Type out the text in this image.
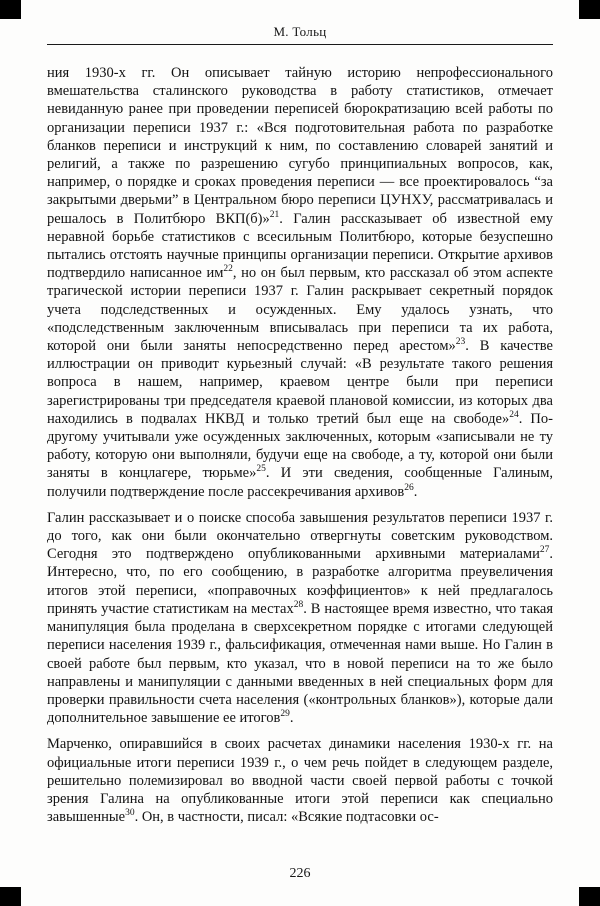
М. Тольц

ния 1930-х гг. Он описывает тайную историю непрофессионального вмешательства сталинского руководства в работу статистиков, отмечает невиданную ранее при проведении переписей бюрократизацию всей работы по организации переписи 1937 г.: «Вся подготовительная работа по разработке бланков переписи и инструкций к ним, по составлению словарей занятий и религий, а также по разрешению сугубо принципиальных вопросов, как, например, о порядке и сроках проведения переписи — все проектировалось “за закрытыми дверьми” в Центральном бюро переписи ЦУНХУ, рассматривалась и решалось в Политбюро ВКП(б)»$^{21}$. Галин рассказывает об известной ему неравной борьбе статистиков с всесильным Политбюро, которые безуспешно пытались отстоять научные принципы организации переписи. Открытие архивов подтвердило написанное им$^{22}$, но он был первым, кто рассказал об этом аспекте трагической истории переписи 1937 г. Галин раскрывает секретный порядок учета подследственных и осужденных. Ему удалось узнать, что «подследственным заключенным вписывалась при переписи та их работа, которой они были заняты непосредственно перед арестом»$^{23}$. В качестве иллюстрации он приводит курьезный случай: «В результате такого решения вопроса в нашем, например, краевом центре были при переписи зарегистрированы три председателя краевой плановой комиссии, из которых два находились в подвалах НКВД и только третий был еще на свободе»$^{24}$. По-другому учитывали уже осужденных заключенных, которым «записывали не ту работу, которую они выполняли, будучи еще на свободе, а ту, которой они были заняты в концлагере, тюрьме»$^{25}$. И эти сведения, сообщенные Галиным, получили подтверждение после рассекречивания архивов$^{26}$.

Галин рассказывает и о поиске способа завышения результатов переписи 1937 г. до того, как они были окончательно отвергнуты советским руководством. Сегодня это подтверждено опубликованными архивными материалами$^{27}$. Интересно, что, по его сообщению, в разработке алгоритма преувеличения итогов этой переписи, «поправочных коэффициентов» к ней предлагалось принять участие статистикам на местах$^{28}$. В настоящее время известно, что такая манипуляция была проделана в сверхсекретном порядке с итогами следующей переписи населения 1939 г., фальсификация, отмеченная нами выше. Но Галин в своей работе был первым, кто указал, что в новой переписи на то же было направлены и манипуляции с данными введенных в ней специальных форм для проверки правильности счета населения («контрольных бланков»), которые дали дополнительное завышение ее итогов$^{29}$.

Марченко, опиравшийся в своих расчетах динамики населения 1930-х гг. на официальные итоги переписи 1939 г., о чем речь пойдет в следующем разделе, решительно полемизировал во вводной части своей первой работы с точкой зрения Галина на опубликованные итоги этой переписи как специально завышенные$^{30}$. Он, в частности, писал: «Всякие подтасовки ос-

226
